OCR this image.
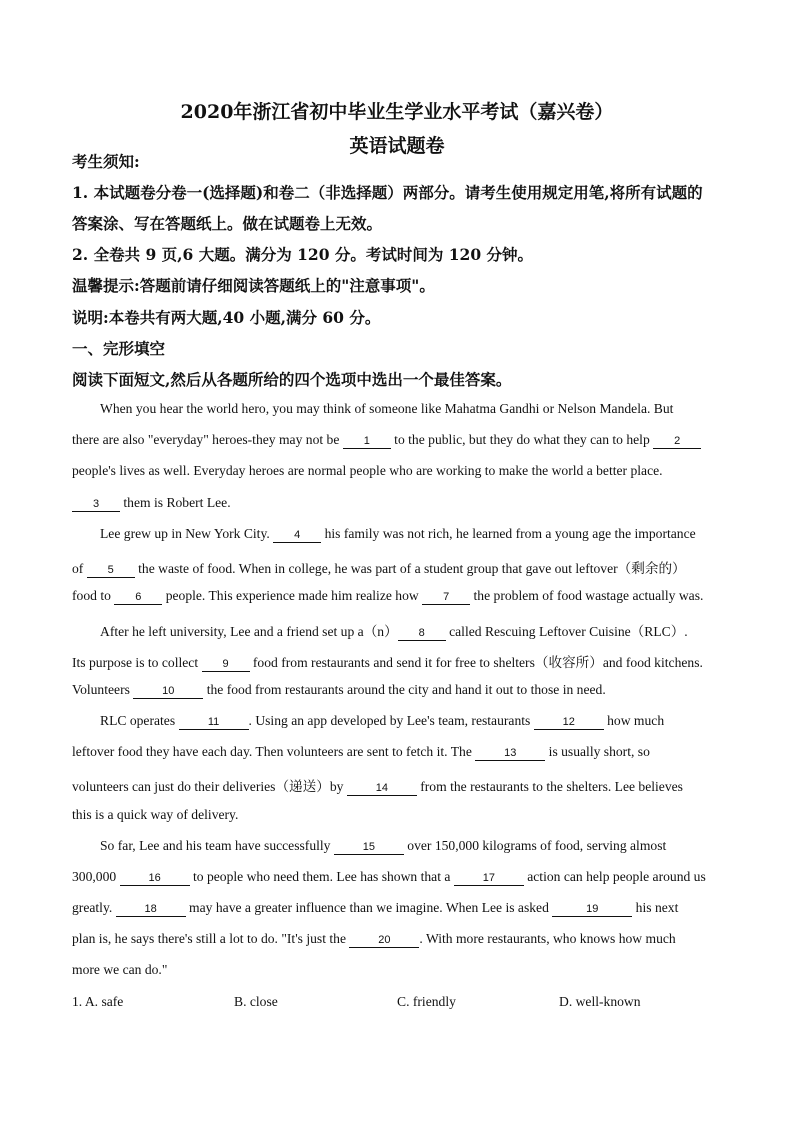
2020年浙江省初中毕业生学业水平考试（嘉兴卷）
英语试题卷
考生须知:
1. 本试题卷分卷一(选择题)和卷二（非选择题）两部分。请考生使用规定用笔,将所有试题的
答案涂、写在答题纸上。做在试题卷上无效。
2. 全卷共 9 页,6 大题。满分为 120 分。考试时间为 120 分钟。
温馨提示:答题前请仔细阅读答题纸上的"注意事项"。
说明:本卷共有两大题,40 小题,满分 60 分。
一、完形填空
阅读下面短文,然后从各题所给的四个选项中选出一个最佳答案。
When you hear the world hero, you may think of someone like Mahatma Gandhi or Nelson Mandela. But
there are also "everyday" heroes-they may not be 1 to the public, but they do what they can to help 2
people's lives as well. Everyday heroes are normal people who are working to make the world a better place.
3 them is Robert Lee.
Lee grew up in New York City. 4 his family was not rich, he learned from a young age the importance
of 5 the waste of food. When in college, he was part of a student group that gave out leftover（剩余的）
food to 6 people. This experience made him realize how 7 the problem of food wastage actually was.
After he left university, Lee and a friend set up a（n） 8 called Rescuing Leftover Cuisine（RLC）.
Its purpose is to collect 9 food from restaurants and send it for free to shelters（收容所）and food kitchens.
Volunteers	10 the food from restaurants around the city and hand it out to those in need.
RLC operates	11 . Using an app developed by Lee's team, restaurants	12 how much
leftover food they have each day. Then volunteers are sent to fetch it. The	13 is usually short, so
volunteers can just do their deliveries（递送）by	14 from the restaurants to the shelters. Lee believes
this is a quick way of delivery.
So far, Lee and his team have successfully	15 over 150,000 kilograms of food, serving almost
300,000	16 to people who need them. Lee has shown that a	17 action can help people around us
greatly.	18 may have a greater influence than we imagine. When Lee is asked	19 his next
plan is, he says there's still a lot to do. "It's just the	20 . With more restaurants, who knows how much
more we can do."
1. A. safe	B. close	C. friendly	D. well-known
